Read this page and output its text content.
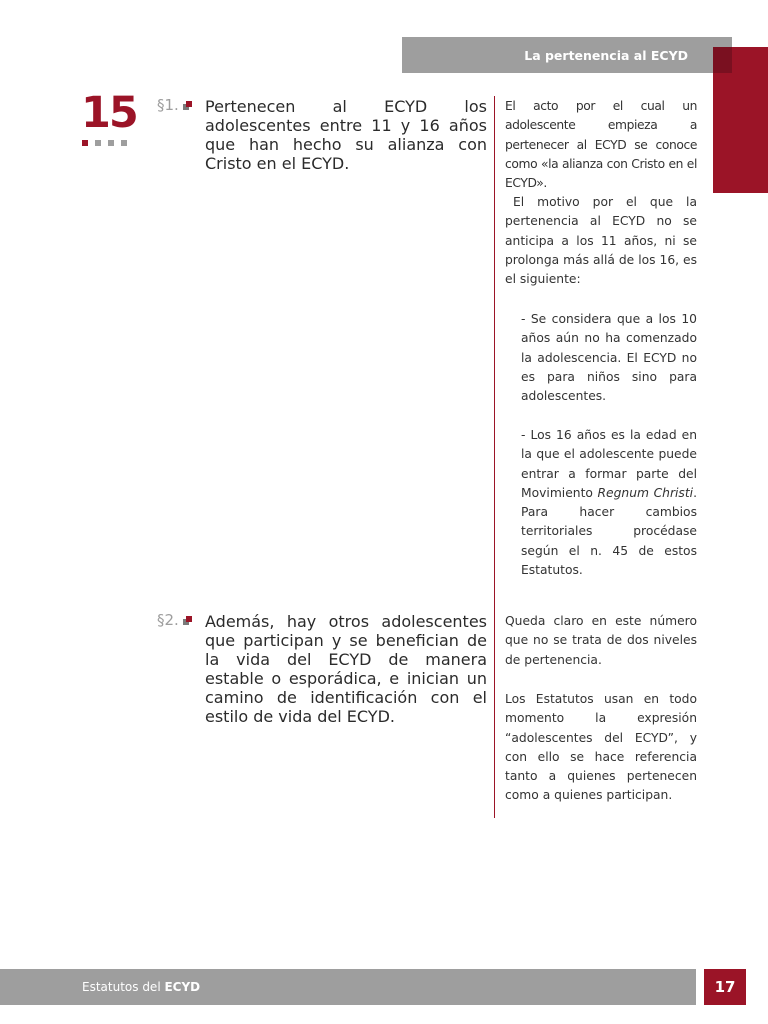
La pertenencia al ECYD
15 §1. Pertenecen al ECYD los adolescentes entre 11 y 16 años que han hecho su alianza con Cristo en el ECYD.
§2. Además, hay otros adolescentes que participan y se benefician de la vida del ECYD de manera estable o esporádica, e inician un camino de identificación con el estilo de vida del ECYD.
El acto por el cual un adolescente empieza a pertenecer al ECYD se conoce como «la alianza con Cristo en el ECYD».
El motivo por el que la pertenencia al ECYD no se anticipa a los 11 años, ni se prolonga más allá de los 16, es el siguiente:
- Se considera que a los 10 años aún no ha comenzado la adolescencia. El ECYD no es para niños sino para adolescentes.
- Los 16 años es la edad en la que el adolescente puede entrar a formar parte del Movimiento Regnum Christi. Para hacer cambios territoriales procédase según el n. 45 de estos Estatutos.
Queda claro en este número que no se trata de dos niveles de pertenencia.
Los Estatutos usan en todo momento la expresión “adolescentes del ECYD”, y con ello se hace referencia tanto a quienes pertenecen como a quienes participan.
Estatutos del ECYD	17
